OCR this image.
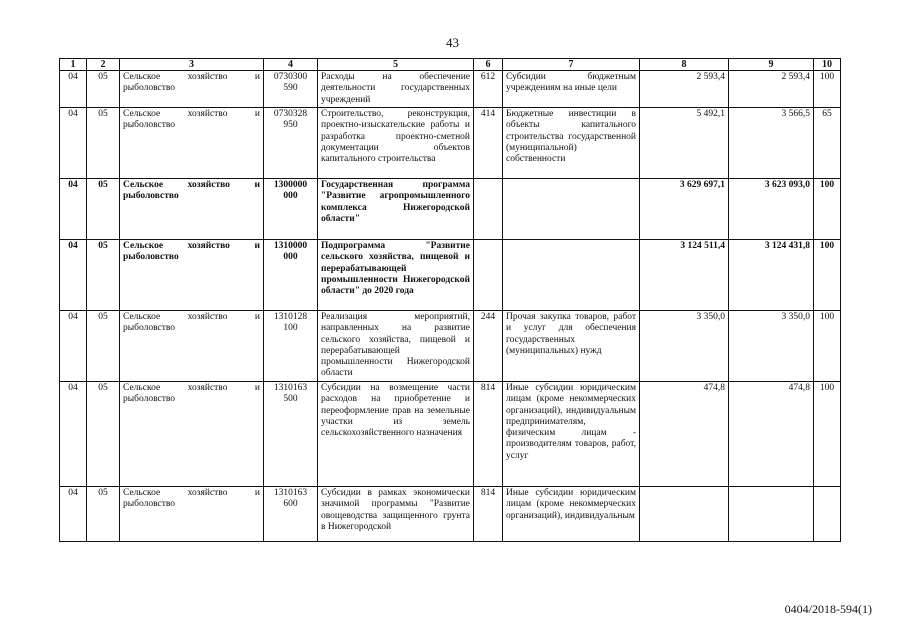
43
1	2	3	4	5	6	7	8	9	10
04	05	Сельское хозяйство и рыболовство	0730300 590	Расходы на обеспечение деятельности государственных учреждений	612	Субсидии бюджетным учреждениям на иные цели	2 593,4	2 593,4	100
04	05	Сельское хозяйство и рыболовство	0730328 950	Строительство, реконструкция, проектно-изыскательские работы и разработка проектно-сметной документации объектов капитального строительства	414	Бюджетные инвестиции в объекты капитального строительства государственной (муниципальной) собственности	5 492,1	3 566,5	65
04	05	Сельское хозяйство и рыболовство	1300000 000	Государственная программа "Развитие агропромышленного комплекса Нижегородской области"			3 629 697,1	3 623 093,0	100
04	05	Сельское хозяйство и рыболовство	1310000 000	Подпрограмма "Развитие сельского хозяйства, пищевой и перерабатывающей промышленности Нижегородской области" до 2020 года			3 124 511,4	3 124 431,8	100
04	05	Сельское хозяйство и рыболовство	1310128 100	Реализация мероприятий, направленных на развитие сельского хозяйства, пищевой и перерабатывающей промышленности Нижегородской области	244	Прочая закупка товаров, работ и услуг для обеспечения государственных (муниципальных) нужд	3 350,0	3 350,0	100
04	05	Сельское хозяйство и рыболовство	1310163 500	Субсидии на возмещение части расходов на приобретение и переоформление прав на земельные участки из земель сельскохозяйственного назначения	814	Иные субсидии юридическим лицам (кроме некоммерческих организаций), индивидуальным предпринимателям, физическим лицам - производителям товаров, работ, услуг	474,8	474,8	100
04	05	Сельское хозяйство и рыболовство	1310163 600	Субсидии в рамках экономически значимой программы "Развитие овощеводства защищенного грунта в Нижегородской	814	Иные субсидии юридическим лицам (кроме некоммерческих организаций), индивидуальным			
0404/2018-594(1)
